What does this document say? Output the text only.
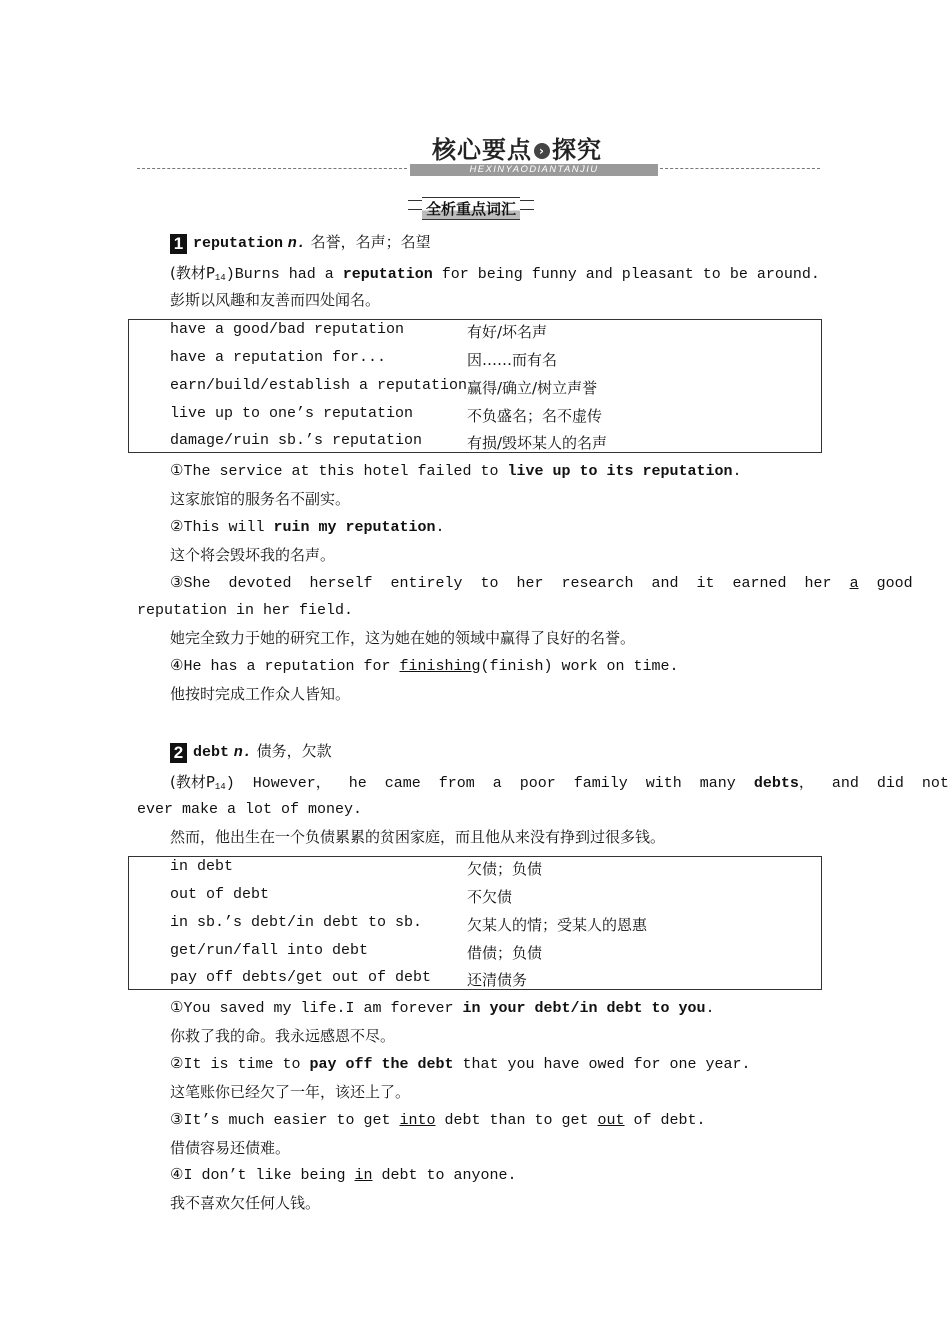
核心要点 › 探究
HEXINYAODIANTANJIU
全析重点词汇
1 reputation n. 名誉，名声；名望
(教材$P_{14})Burns$ had a reputation for being funny and pleasant to be around.
彭斯以风趣和友善而四处闻名。
have a good/bad reputation	有好/坏名声
have a reputation for...	因……而有名
earn/build/establish a reputation 赢得/确立/树立声誉
live up to one’s reputation	不负盛名；名不虚传
damage/ruin sb.’s reputation	有损/毁坏某人的名声
①The service at this hotel failed to live up to its reputation.
这家旅馆的服务名不副实。
②This will ruin my reputation.
这个将会毁坏我的名声。
③She  devoted  herself  entirely  to  her  research  and  it  earned  her  a  good
reputation in her field.
她完全致力于她的研究工作，这为她在她的领域中赢得了良好的名誉。
④He has a reputation for finishing(finish) work on time.
他按时完成工作众人皆知。
2 debt n. 债务，欠款
(教材$P_{14}$)  However，  he  came  from  a  poor  family  with  many  debts，  and  did  not
ever make a lot of money.
然而，他出生在一个负债累累的贫困家庭，而且他从来没有挣到过很多钱。
in debt	欠债；负债
out of debt	不欠债
in sb.’s debt/in debt to sb.	欠某人的情；受某人的恩惠
get/run/fall into debt	借债；负债
pay off debts/get out of debt 还清债务
①You saved my life.I am forever in your debt/in debt to you.
你救了我的命。我永远感恩不尽。
②It is time to pay off the debt that you have owed for one year.
这笔账你已经欠了一年，该还上了。
③It’s much easier to get into debt than to get out of debt.
借债容易还债难。
④I don’t like being in debt to anyone.
我不喜欢欠任何人钱。
